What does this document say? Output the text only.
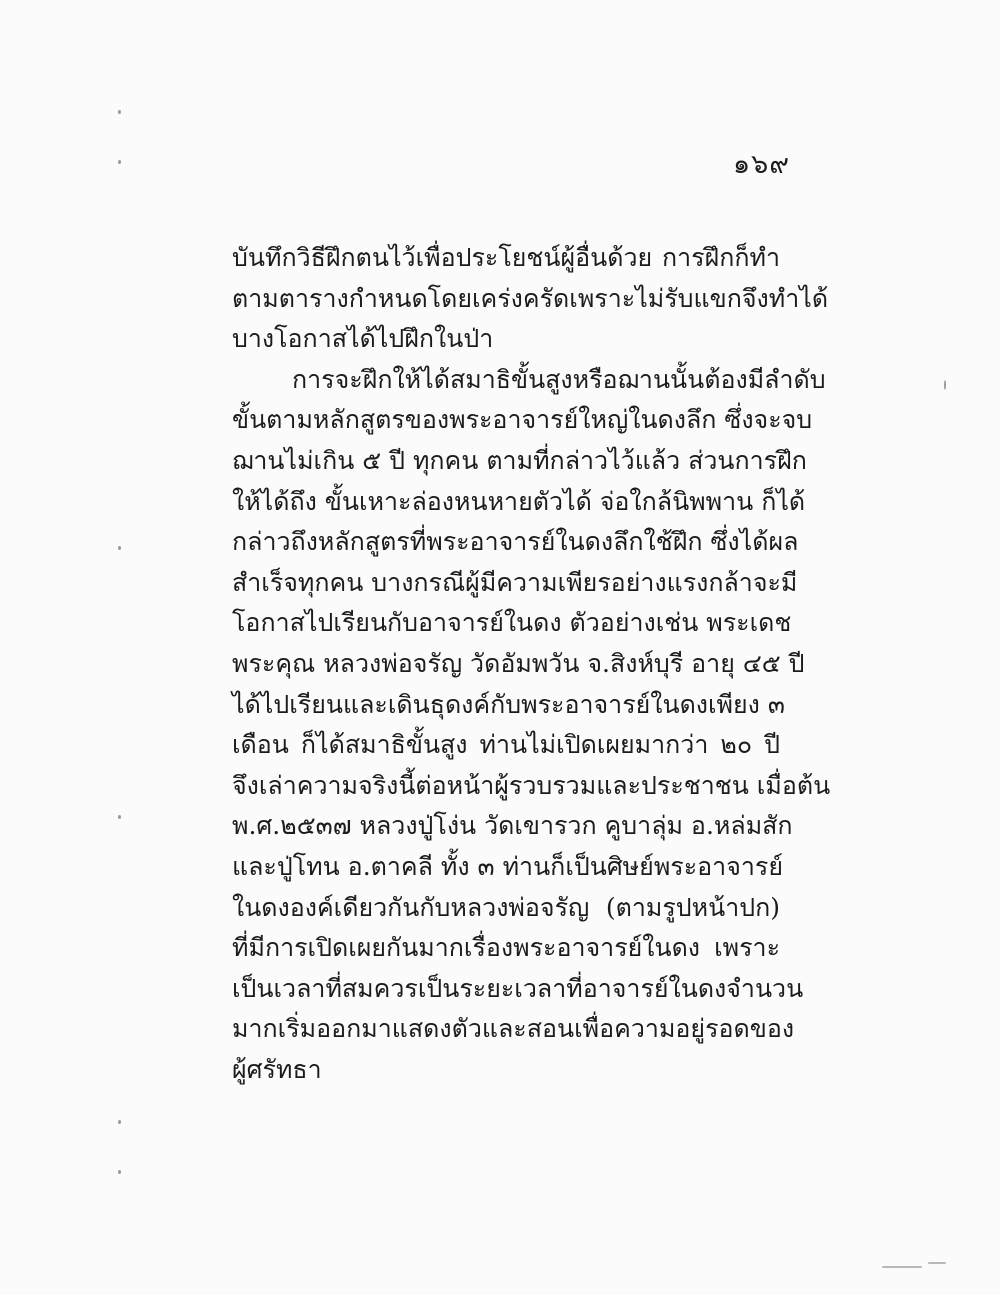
๑๖๙

บันทึกวิธีฝึกตนไว้เพื่อประโยชน์ผู้อื่นด้วย การฝึกก็ทำ
ตามตารางกำหนดโดยเคร่งครัดเพราะไม่รับแขกจึงทำได้
บางโอกาสได้ไปฝึกในป่า
การจะฝึกให้ได้สมาธิขั้นสูงหรือฌานนั้นต้องมีลำดับ
ขั้นตามหลักสูตรของพระอาจารย์ใหญ่ในดงลึก ซึ่งจะจบ
ฌานไม่เกิน ๕ ปี ทุกคน ตามที่กล่าวไว้แล้ว ส่วนการฝึก
ให้ได้ถึง ขั้นเหาะล่องหนหายตัวได้ จ่อใกล้นิพพาน ก็ได้
กล่าวถึงหลักสูตรที่พระอาจารย์ในดงลึกใช้ฝึก ซึ่งได้ผล
สำเร็จทุกคน บางกรณีผู้มีความเพียรอย่างแรงกล้าจะมี
โอกาสไปเรียนกับอาจารย์ในดง ตัวอย่างเช่น พระเดช
พระคุณ หลวงพ่อจรัญ วัดอัมพวัน จ.สิงห์บุรี อายุ ๔๕ ปี
ได้ไปเรียนและเดินธุดงค์กับพระอาจารย์ในดงเพียง ๓
เดือน ก็ได้สมาธิขั้นสูง ท่านไม่เปิดเผยมากว่า ๒๐ ปี
จึงเล่าความจริงนี้ต่อหน้าผู้รวบรวมและประชาชน เมื่อต้น
พ.ศ.๒๕๓๗ หลวงปู่โง่น วัดเขารวก คูบาลุ่ม อ.หล่มสัก
และปู่โทน อ.ตาคลี ทั้ง ๓ ท่านก็เป็นศิษย์พระอาจารย์
ในดงองค์เดียวกันกับหลวงพ่อจรัญ (ตามรูปหน้าปก)
ที่มีการเปิดเผยกันมากเรื่องพระอาจารย์ในดง เพราะ
เป็นเวลาที่สมควรเป็นระยะเวลาที่อาจารย์ในดงจำนวน
มากเริ่มออกมาแสดงตัวและสอนเพื่อความอยู่รอดของ
ผู้ศรัทธา
